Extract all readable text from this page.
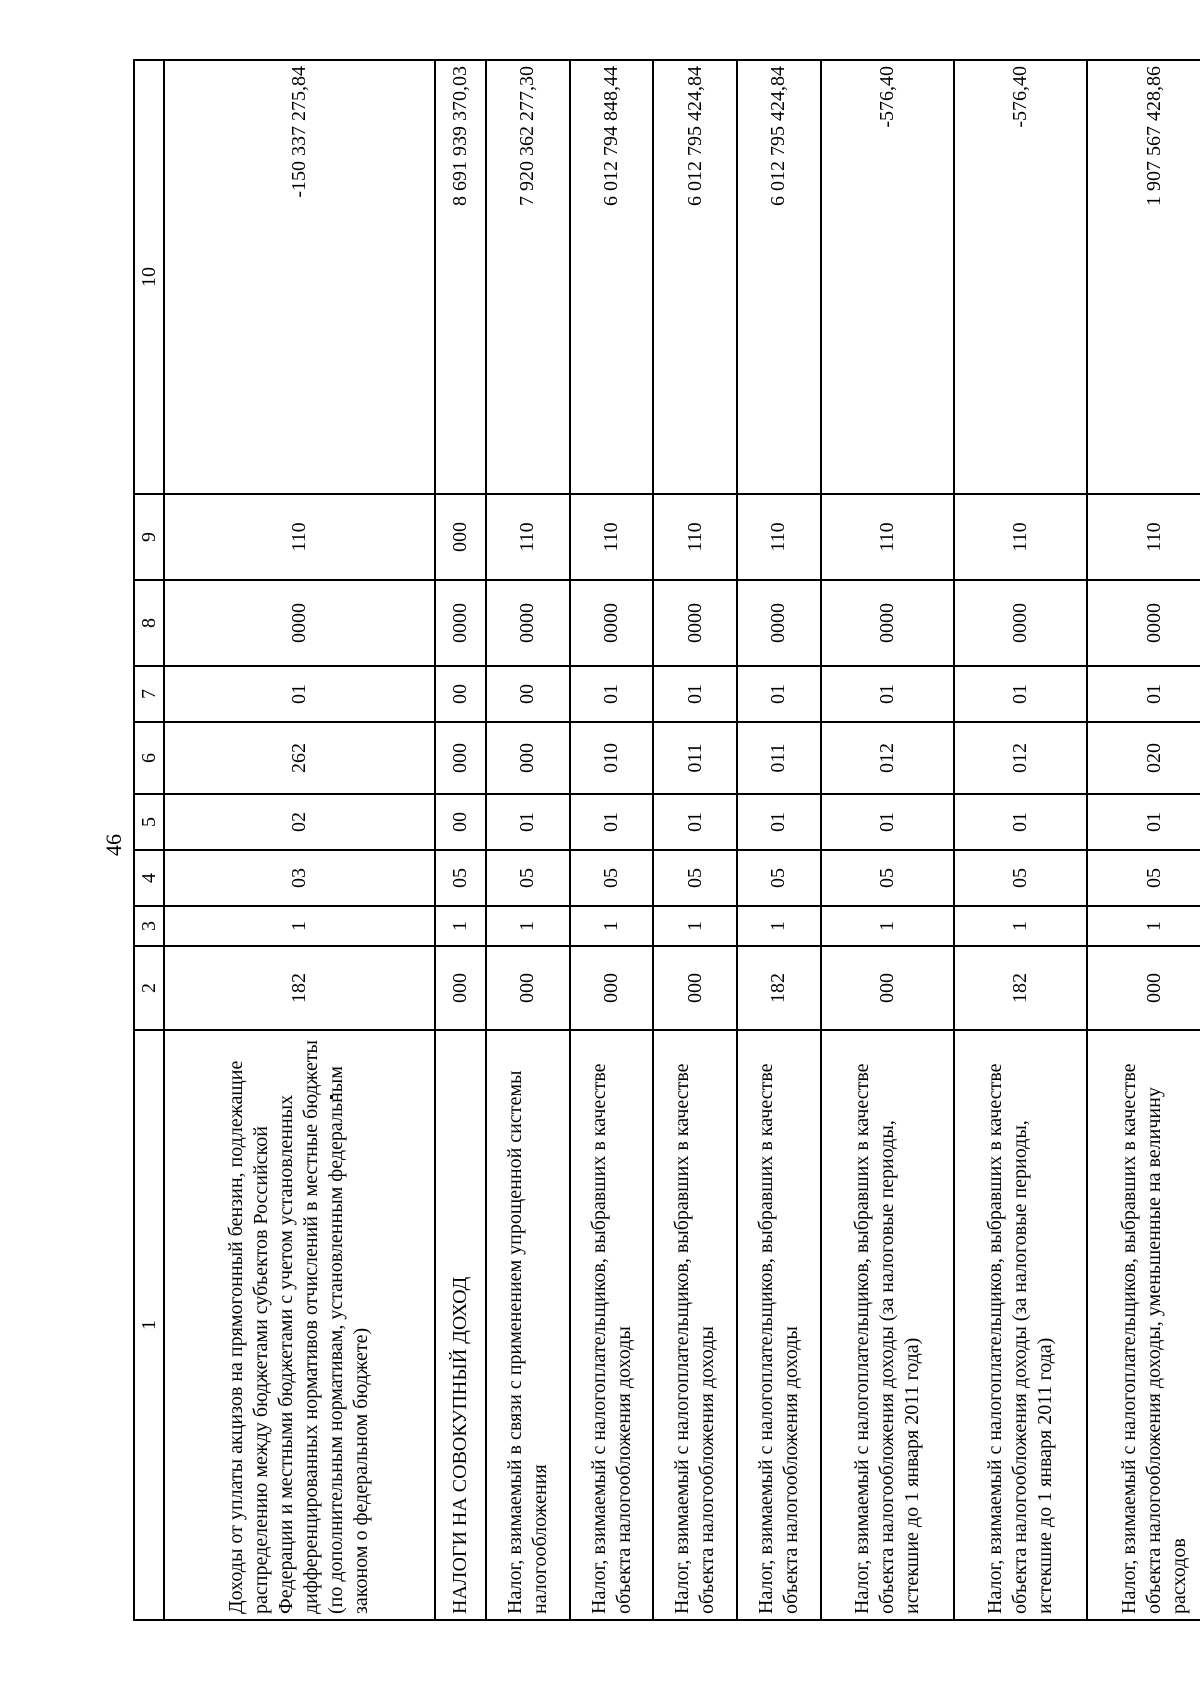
46
1	2	3	4	5	6	7	8	9	10
Доходы от уплаты акцизов на прямогонный бензин, подлежащие распределению между бюджетами субъектов Российской Федерации и местными бюджетами с учетом установленных дифференцированных нормативов отчислений в местные бюджеты (по дополнительным нормативам, установленным федеральным законом о федеральном бюджете)	182	1	03	02	262	01	0000	110	-150 337 275,84
НАЛОГИ НА СОВОКУПНЫЙ ДОХОД	000	1	05	00	000	00	0000	000	8 691 939 370,03
Налог, взимаемый в связи с применением упрощенной системы налогообложения	000	1	05	01	000	00	0000	110	7 920 362 277,30
Налог, взимаемый с налогоплательщиков, выбравших в качестве объекта налогообложения доходы	000	1	05	01	010	01	0000	110	6 012 794 848,44
Налог, взимаемый с налогоплательщиков, выбравших в качестве объекта налогообложения доходы	000	1	05	01	011	01	0000	110	6 012 795 424,84
Налог, взимаемый с налогоплательщиков, выбравших в качестве объекта налогообложения доходы	182	1	05	01	011	01	0000	110	6 012 795 424,84
Налог, взимаемый с налогоплательщиков, выбравших в качестве объекта налогообложения доходы (за налоговые периоды, истекшие до 1 января 2011 года)	000	1	05	01	012	01	0000	110	-576,40
Налог, взимаемый с налогоплательщиков, выбравших в качестве объекта налогообложения доходы (за налоговые периоды, истекшие до 1 января 2011 года)	182	1	05	01	012	01	0000	110	-576,40
Налог, взимаемый с налогоплательщиков, выбравших в качестве объекта налогообложения доходы, уменьшенные на величину расходов	000	1	05	01	020	01	0000	110	1 907 567 428,86
